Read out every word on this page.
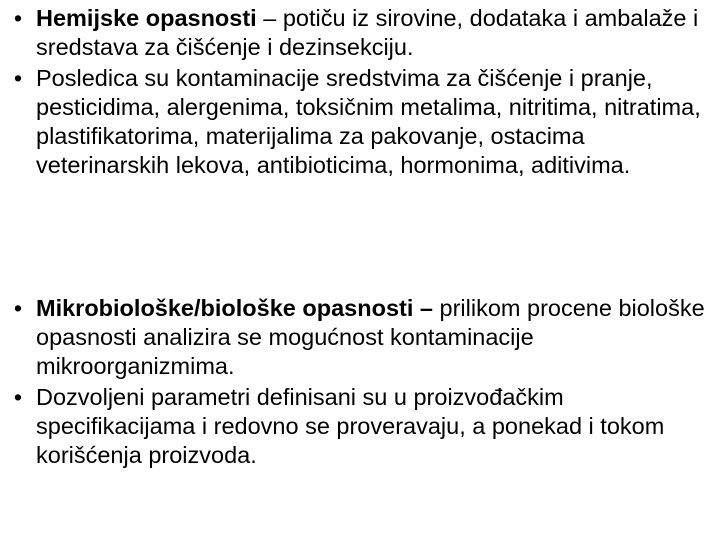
• Hemijske opasnosti – potiču iz sirovine, dodataka i ambalaže i sredstava za čišćenje i dezinsekciju.
• Posledica su kontaminacije sredstvima za čišćenje i pranje, pesticidima, alergenima, toksičnim metalima, nitritima, nitratima, plastifikatorima, materijalima za pakovanje, ostacima veterinarskih lekova, antibioticima, hormonima, aditivima.
• Mikrobiološke/biološke opasnosti – prilikom procene biološke opasnosti analizira se mogućnost kontaminacije mikroorganizmima.
• Dozvoljeni parametri definisani su u proizvođačkim specifikacijama i redovno se proveravaju, a ponekad i tokom korišćenja proizvoda.
